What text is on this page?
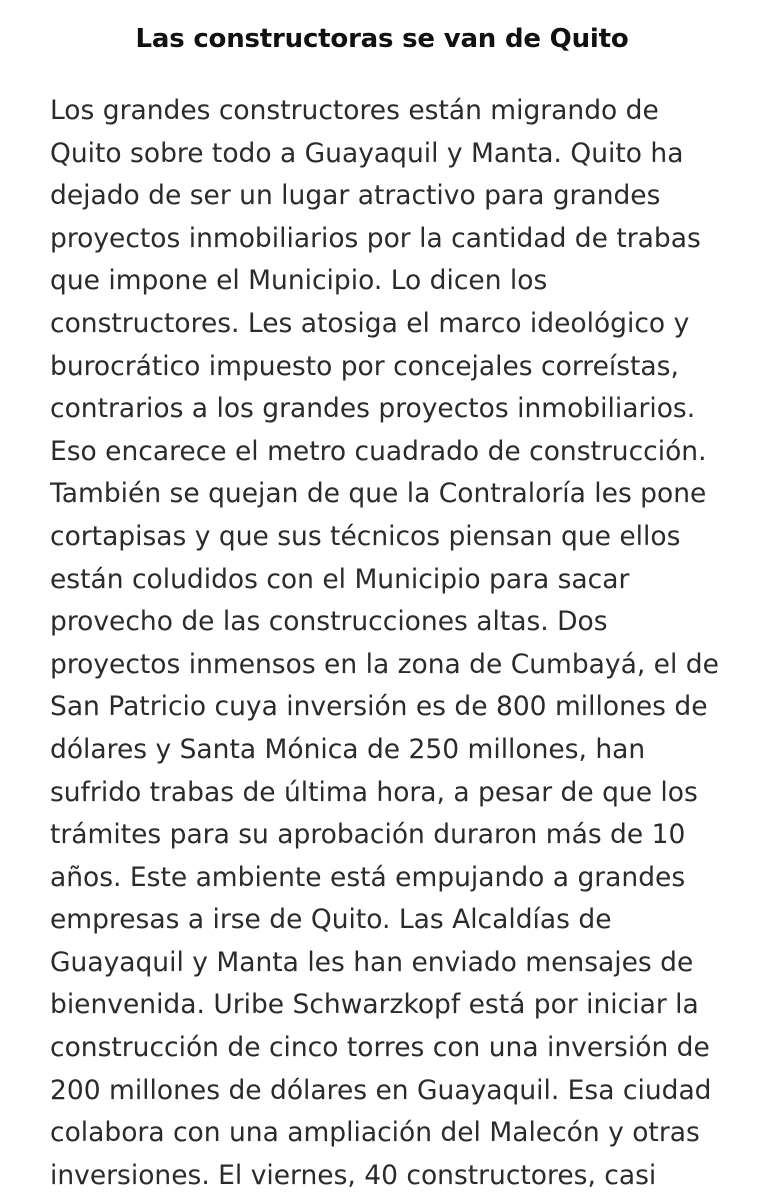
Las constructoras se van de Quito
Los grandes constructores están migrando de
Quito sobre todo a Guayaquil y Manta. Quito ha
dejado de ser un lugar atractivo para grandes
proyectos inmobiliarios por la cantidad de trabas
que impone el Municipio. Lo dicen los
constructores. Les atosiga el marco ideológico y
burocrático impuesto por concejales correístas,
contrarios a los grandes proyectos inmobiliarios.
Eso encarece el metro cuadrado de construcción.
También se quejan de que la Contraloría les pone
cortapisas y que sus técnicos piensan que ellos
están coludidos con el Municipio para sacar
provecho de las construcciones altas. Dos
proyectos inmensos en la zona de Cumbayá, el de
San Patricio cuya inversión es de 800 millones de
dólares y Santa Mónica de 250 millones, han
sufrido trabas de última hora, a pesar de que los
trámites para su aprobación duraron más de 10
años. Este ambiente está empujando a grandes
empresas a irse de Quito. Las Alcaldías de
Guayaquil y Manta les han enviado mensajes de
bienvenida. Uribe Schwarzkopf está por iniciar la
construcción de cinco torres con una inversión de
200 millones de dólares en Guayaquil. Esa ciudad
colabora con una ampliación del Malecón y otras
inversiones. El viernes, 40 constructores, casi
